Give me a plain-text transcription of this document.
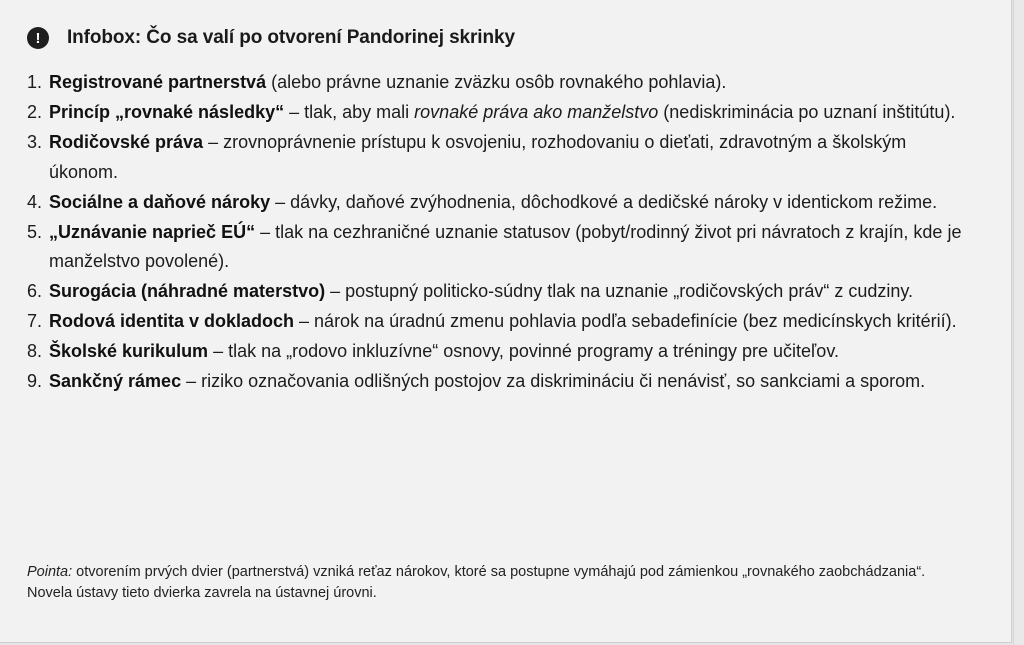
!	Infobox: Čo sa valí po otvorení Pandorinej skrinky
1. Registrované partnerstvá (alebo právne uznanie zväzku osôb rovnakého pohlavia).
2. Princíp „rovnaké následky“ – tlak, aby mali rovnaké práva ako manželstvo (nediskriminácia po uznaní inštitútu).
3. Rodičovské práva – zrovnoprávnenie prístupu k osvojeniu, rozhodovaniu o dieťati, zdravotným a školským úkonom.
4. Sociálne a daňové nároky – dávky, daňové zvýhodnenia, dôchodkové a dedičské nároky v identickom režime.
5. „Uznávanie naprieč EÚ“ – tlak na cezhraničné uznanie statusov (pobyt/rodinný život pri návratoch z krajín, kde je manželstvo povolené).
6. Surogácia (náhradné materstvo) – postupný politicko-súdny tlak na uznanie „rodičovských práv“ z cudziny.
7. Rodová identita v dokladoch – nárok na úradnú zmenu pohlavia podľa sebadefinície (bez medicínskych kritérií).
8. Školské kurikulum – tlak na „rodovo inkluzívne“ osnovy, povinné programy a tréningy pre učiteľov.
9. Sankčný rámec – riziko označovania odlišných postojov za diskrimináciu či nenávisť, so sankciami a sporom.

Pointa: otvorením prvých dvier (partnerstvá) vzniká reťaz nárokov, ktoré sa postupne vymáhajú pod zámienkou „rovnakého zaobchádzania“.

Novela ústavy tieto dvierka zavrela na ústavnej úrovni.
